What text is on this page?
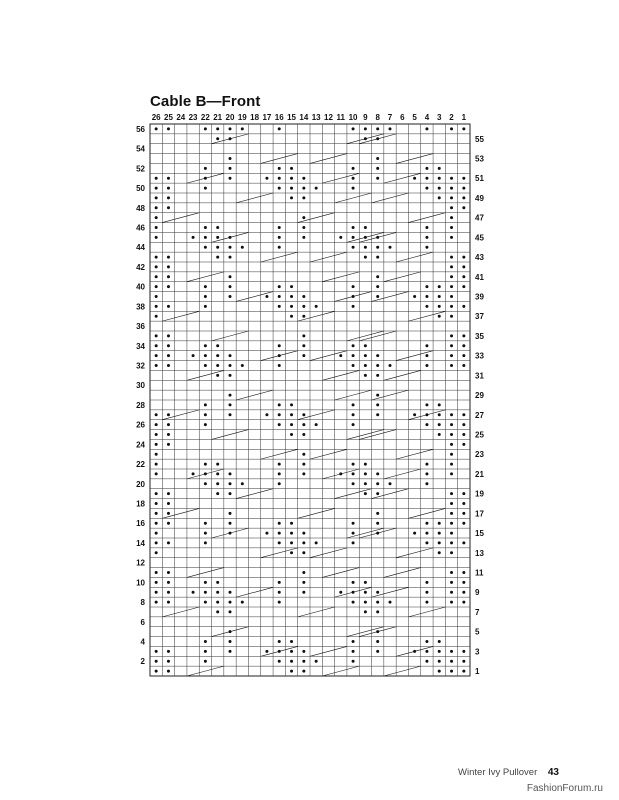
Cable B—Front
26 25 24 23 22 21 20 19 18 17 16 15 14 13 12 11 10 9 8 7 6 5 4 3 2 1
2
4
6
8
10
12
14
16
18
20
22
24
26
28
30
32
34
36
38
40
42
44
46
48
50
52
54
56
1
3
5
7
9
11
13
15
17
19
21
23
25
27
29
31
33
35
37
39
41
43
45
47
49
51
53
55
Winter Ivy Pullover 43
FashionForum.ru
